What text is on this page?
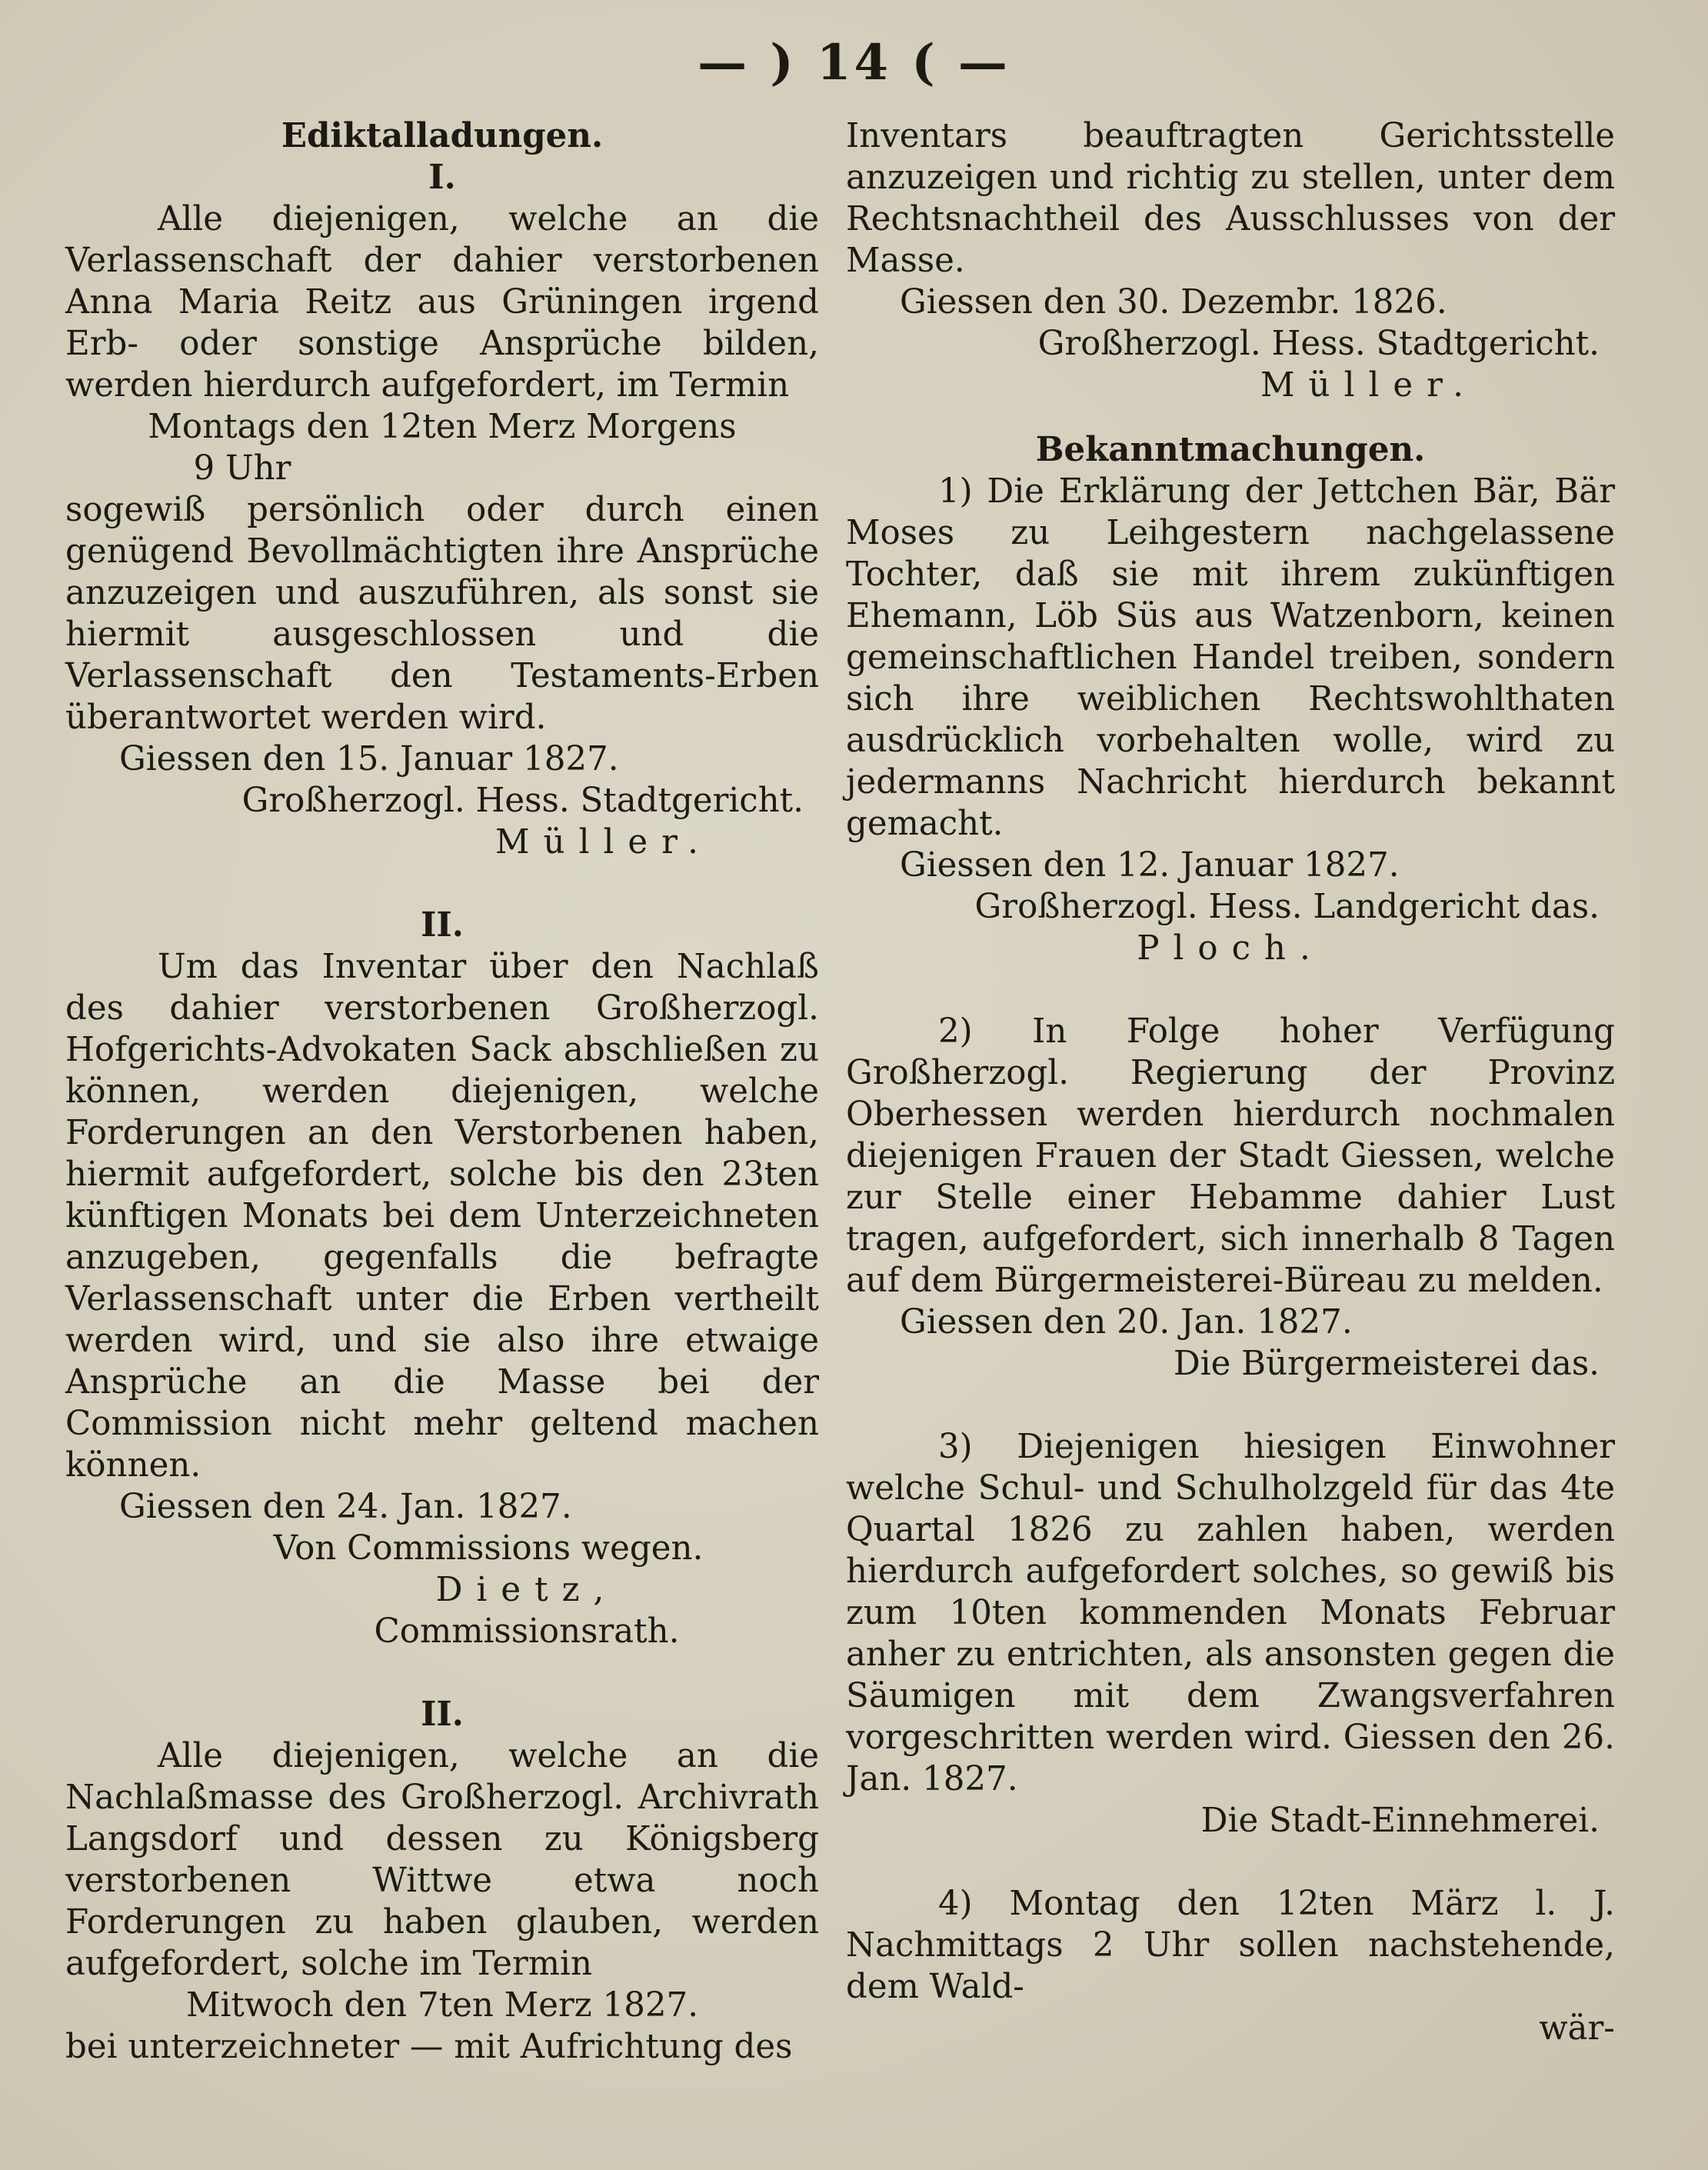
— ) 14 ( —

Ediktalladungen.

I.

Alle diejenigen, welche an die Verlassenschaft der dahier verstorbenen Anna Maria Reitz aus Grüningen irgend Erb- oder sonstige Ansprüche bilden, werden hierdurch aufgefordert, im Termin

Montags den 12ten Merz Morgens

9 Uhr

sogewiß persönlich oder durch einen genügend Bevollmächtigten ihre Ansprüche anzuzeigen und auszuführen, als sonst sie hiermit ausgeschlossen und die Verlassenschaft den Testaments-Erben überantwortet werden wird.

Giessen den 15. Januar 1827.

Großherzogl. Hess. Stadtgericht.

Müller.

II.

Um das Inventar über den Nachlaß des dahier verstorbenen Großherzogl. Hofgerichts-Advokaten Sack abschließen zu können, werden diejenigen, welche Forderungen an den Verstorbenen haben, hiermit aufgefordert, solche bis den 23ten künftigen Monats bei dem Unterzeichneten anzugeben, gegenfalls die befragte Verlassenschaft unter die Erben vertheilt werden wird, und sie also ihre etwaige Ansprüche an die Masse bei der Commission nicht mehr geltend machen können.

Giessen den 24. Jan. 1827.

Von Commissions wegen.

Dietz,

Commissionsrath.

II.

Alle diejenigen, welche an die Nachlaßmasse des Großherzogl. Archivrath Langsdorf und dessen zu Königsberg verstorbenen Wittwe etwa noch Forderungen zu haben glauben, werden aufgefordert, solche im Termin

Mitwoch den 7ten Merz 1827.

bei unterzeichneter — mit Aufrichtung des

Inventars beauftragten Gerichtsstelle anzuzeigen und richtig zu stellen, unter dem Rechtsnachtheil des Ausschlusses von der Masse.

Giessen den 30. Dezembr. 1826.

Großherzogl. Hess. Stadtgericht.

Müller.

Bekanntmachungen.

1) Die Erklärung der Jettchen Bär, Bär Moses zu Leihgestern nachgelassene Tochter, daß sie mit ihrem zukünftigen Ehemann, Löb Süs aus Watzenborn, keinen gemeinschaftlichen Handel treiben, sondern sich ihre weiblichen Rechtswohlthaten ausdrücklich vorbehalten wolle, wird zu jedermanns Nachricht hierdurch bekannt gemacht.

Giessen den 12. Januar 1827.

Großherzogl. Hess. Landgericht das.

Ploch.

2) In Folge hoher Verfügung Großherzogl. Regierung der Provinz Oberhessen werden hierdurch nochmalen diejenigen Frauen der Stadt Giessen, welche zur Stelle einer Hebamme dahier Lust tragen, aufgefordert, sich innerhalb 8 Tagen auf dem Bürgermeisterei-Büreau zu melden.

Giessen den 20. Jan. 1827.

Die Bürgermeisterei das.

3) Diejenigen hiesigen Einwohner welche Schul- und Schulholzgeld für das 4te Quartal 1826 zu zahlen haben, werden hierdurch aufgefordert solches, so gewiß bis zum 10ten kommenden Monats Februar anher zu entrichten, als ansonsten gegen die Säumigen mit dem Zwangsverfahren vorgeschritten werden wird. Giessen den 26. Jan. 1827.

Die Stadt-Einnehmerei.

4) Montag den 12ten März l. J. Nachmittags 2 Uhr sollen nachstehende, dem Wald-

wär-
